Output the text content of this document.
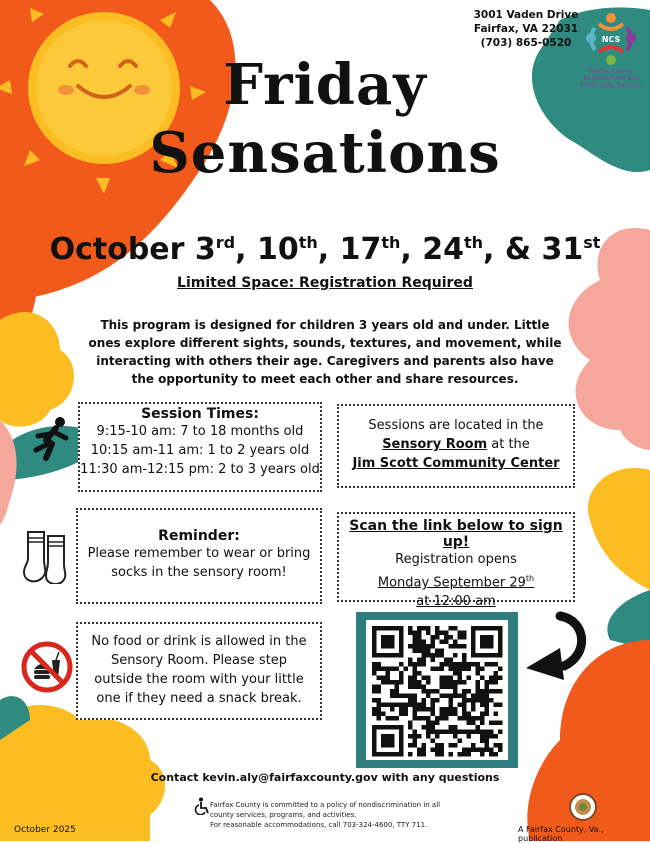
3001 Vaden Drive
Fairfax, VA 22031
(703) 865-0520	NCS
Fairfax County
Neighborhood and
Community Services
Friday
Sensations
October 3rd, 10th, 17th, 24th, & 31st
Limited Space: Registration Required
This program is designed for children 3 years old and under. Little ones explore different sights, sounds, textures, and movement, while interacting with others their age. Caregivers and parents also have the opportunity to meet each other and share resources.
Session Times:
9:15-10 am: 7 to 18 months old
10:15 am-11 am: 1 to 2 years old
11:30 am-12:15 pm: 2 to 3 years old
Sessions are located in the
Sensory Room at the
Jim Scott Community Center
Reminder:
Please remember to wear or bring socks in the sensory room!
Scan the link below to sign up!
Registration opens
Monday September 29th
at 12:00 am
No food or drink is allowed in the Sensory Room. Please step outside the room with your little one if they need a snack break.
Contact kevin.aly@fairfaxcounty.gov with any questions
Fairfax County is committed to a policy of nondiscrimination in all
county services, programs, and activities.
For reasonable accommodations, call 703-324-4600, TTY 711.
October 2025	A Fairfax County, Va., publication
